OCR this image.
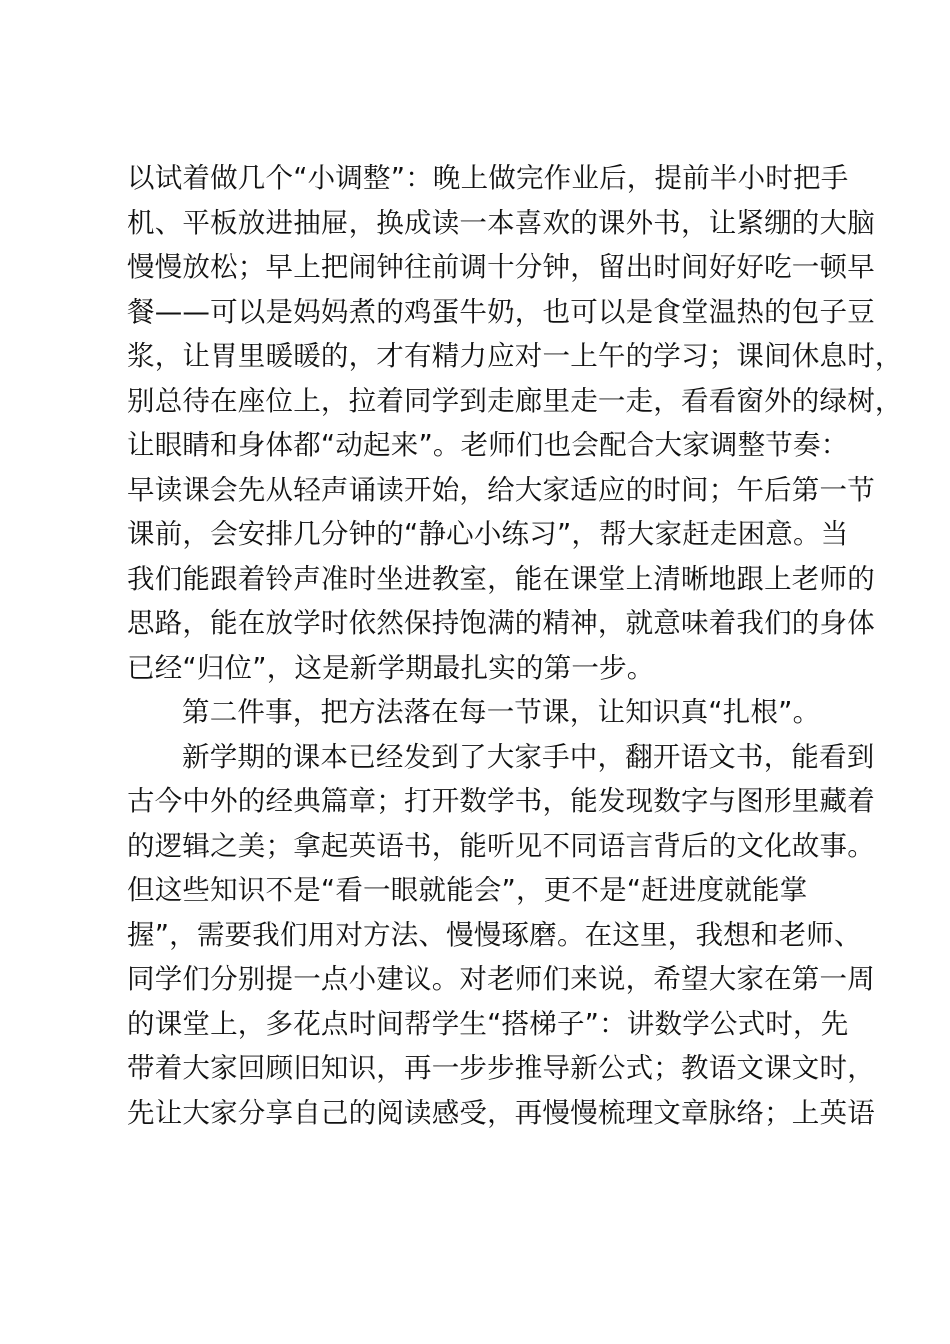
以试着做几个“小调整”：晚上做完作业后，提前半小时把手
机、平板放进抽屉，换成读一本喜欢的课外书，让紧绷的大脑
慢慢放松；早上把闹钟往前调十分钟，留出时间好好吃一顿早
餐——可以是妈妈煮的鸡蛋牛奶，也可以是食堂温热的包子豆
浆，让胃里暖暖的，才有精力应对一上午的学习；课间休息时，
别总待在座位上，拉着同学到走廊里走一走，看看窗外的绿树，
让眼睛和身体都“动起来”。老师们也会配合大家调整节奏：
早读课会先从轻声诵读开始，给大家适应的时间；午后第一节
课前，会安排几分钟的“静心小练习”，帮大家赶走困意。当
我们能跟着铃声准时坐进教室，能在课堂上清晰地跟上老师的
思路，能在放学时依然保持饱满的精神，就意味着我们的身体
已经“归位”，这是新学期最扎实的第一步。
第二件事，把方法落在每一节课，让知识真“扎根”。
新学期的课本已经发到了大家手中，翻开语文书，能看到
古今中外的经典篇章；打开数学书，能发现数字与图形里藏着
的逻辑之美；拿起英语书，能听见不同语言背后的文化故事。
但这些知识不是“看一眼就能会”，更不是“赶进度就能掌
握”，需要我们用对方法、慢慢琢磨。在这里，我想和老师、
同学们分别提一点小建议。对老师们来说，希望大家在第一周
的课堂上，多花点时间帮学生“搭梯子”：讲数学公式时，先
带着大家回顾旧知识，再一步步推导新公式；教语文课文时，
先让大家分享自己的阅读感受，再慢慢梳理文章脉络；上英语
